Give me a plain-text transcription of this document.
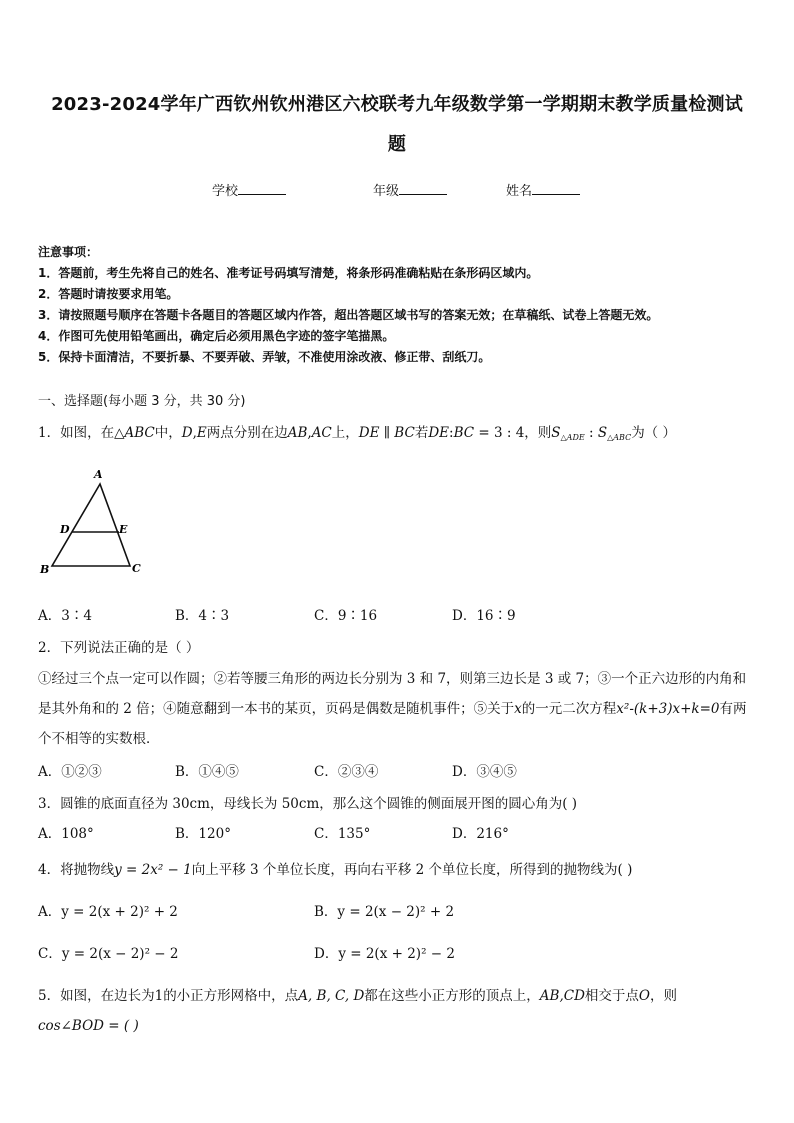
2023-2024学年广西钦州钦州港区六校联考九年级数学第一学期期末教学质量检测试
题
学校	年级	姓名
注意事项：
1．答题前，考生先将自己的姓名、准考证号码填写清楚，将条形码准确粘贴在条形码区域内。
2．答题时请按要求用笔。
3．请按照题号顺序在答题卡各题目的答题区域内作答，超出答题区域书写的答案无效；在草稿纸、试卷上答题无效。
4．作图可先使用铅笔画出，确定后必须用黑色字迹的签字笔描黑。
5．保持卡面清洁，不要折暴、不要弄破、弄皱，不准使用涂改液、修正带、刮纸刀。
一、选择题(每小题 3 分，共 30 分)
1．如图，在△ABC中，D,E两点分别在边AB,AC上，DE ∥ BC若DE:BC = 3 : 4，则$S_{\triangle ADE}$ : $S_{\triangle ABC}$为（ ）
A
B	C
D	E
A．3∶4	B．4∶3	C．9∶16	D．16∶9
2．下列说法正确的是（ ）
①经过三个点一定可以作圆；②若等腰三角形的两边长分别为 3 和 7，则第三边长是 3 或 7；③一个正六边形的内角和
是其外角和的 2 倍；④随意翻到一本书的某页，页码是偶数是随机事件；⑤关于x的一元二次方程x²-(k+3)x+k=0有两
个不相等的实数根．
A．①②③	B．①④⑤	C．②③④	D．③④⑤
3．圆锥的底面直径为 30cm，母线长为 50cm，那么这个圆锥的侧面展开图的圆心角为( )
A．108°	B．120°	C．135°	D．216°
4．将抛物线y = 2x² − 1向上平移 3 个单位长度，再向右平移 2 个单位长度，所得到的抛物线为( )
A．y = 2(x + 2)² + 2	B．y = 2(x − 2)² + 2
C．y = 2(x − 2)² − 2	D．y = 2(x + 2)² − 2
5．如图，在边长为1的小正方形网格中，点A, B, C, D都在这些小正方形的顶点上，AB,CD相交于点O，则
cos∠BOD = ( )
